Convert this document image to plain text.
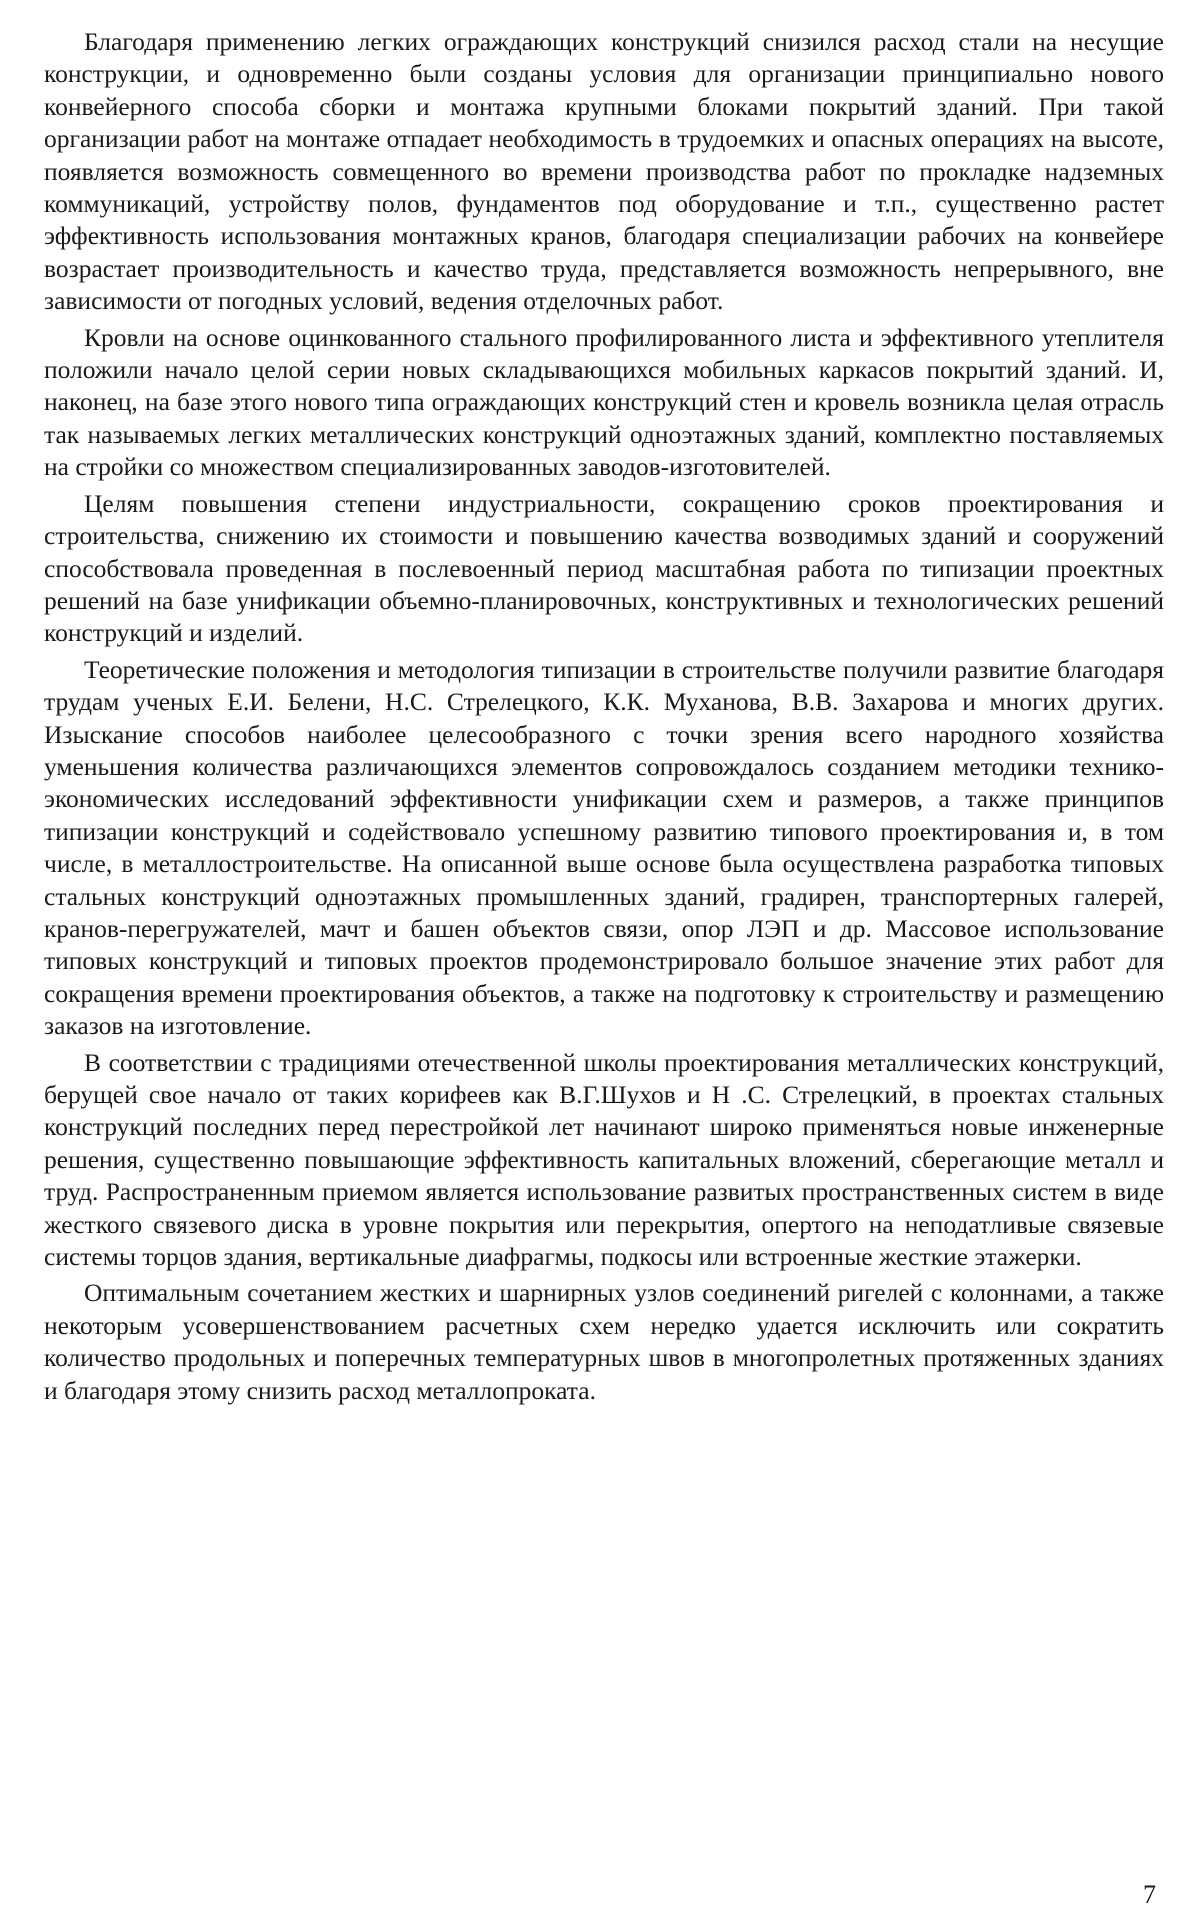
Благодаря применению легких ограждающих конструкций снизился расход стали на несущие конструкции, и одновременно были созданы условия для организации принципиально нового конвейерного способа сборки и монтажа крупными блоками покрытий зданий. При такой организации работ на монтаже отпадает необходимость в трудоемких и опасных операциях на высоте, появляется возможность совмещенного во времени производства работ по прокладке надземных коммуникаций, устройству полов, фундаментов под оборудование и т.п., существенно растет эффективность использования монтажных кранов, благодаря специализации рабочих на конвейере возрастает производительность и качество труда, представляется возможность непрерывного, вне зависимости от погодных условий, ведения отделочных работ.

Кровли на основе оцинкованного стального профилированного листа и эффективного утеплителя положили начало целой серии новых складывающихся мобильных каркасов покрытий зданий. И, наконец, на базе этого нового типа ограждающих конструкций стен и кровель возникла целая отрасль так называемых легких металлических конструкций одноэтажных зданий, комплектно поставляемых на стройки со множеством специализированных заводов-изготовителей.

Целям повышения степени индустриальности, сокращению сроков проектирования и строительства, снижению их стоимости и повышению качества возводимых зданий и сооружений способствовала проведенная в послевоенный период масштабная работа по типизации проектных решений на базе унификации объемно-планировочных, конструктивных и технологических решений конструкций и изделий.

Теоретические положения и методология типизации в строительстве получили развитие благодаря трудам ученых Е.И. Белени, Н.С. Стрелецкого, К.К. Муханова, В.В. Захарова и многих других. Изыскание способов наиболее целесообразного с точки зрения всего народного хозяйства уменьшения количества различающихся элементов сопровождалось созданием методики технико-экономических исследований эффективности унификации схем и размеров, а также принципов типизации конструкций и содействовало успешному развитию типового проектирования и, в том числе, в металлостроительстве. На описанной выше основе была осуществлена разработка типовых стальных конструкций одноэтажных промышленных зданий, градирен, транспортерных галерей, кранов-перегружателей, мачт и башен объектов связи, опор ЛЭП и др. Массовое использование типовых конструкций и типовых проектов продемонстрировало большое значение этих работ для сокращения времени проектирования объектов, а также на подготовку к строительству и размещению заказов на изготовление.

В соответствии с традициями отечественной школы проектирования металлических конструкций, берущей свое начало от таких корифеев как В.Г.Шухов и Н .С. Стрелецкий, в проектах стальных конструкций последних перед перестройкой лет начинают широко применяться новые инженерные решения, существенно повышающие эффективность капитальных вложений, сберегающие металл и труд. Распространенным приемом является использование развитых пространственных систем в виде жесткого связевого диска в уровне покрытия или перекрытия, опертого на неподатливые связевые системы торцов здания, вертикальные диафрагмы, подкосы или встроенные жесткие этажерки.

Оптимальным сочетанием жестких и шарнирных узлов соединений ригелей с колоннами, а также некоторым усовершенствованием расчетных схем нередко удается исключить или сократить количество продольных и поперечных температурных швов в многопролетных протяженных зданиях и благодаря этому снизить расход металлопроката.

7
